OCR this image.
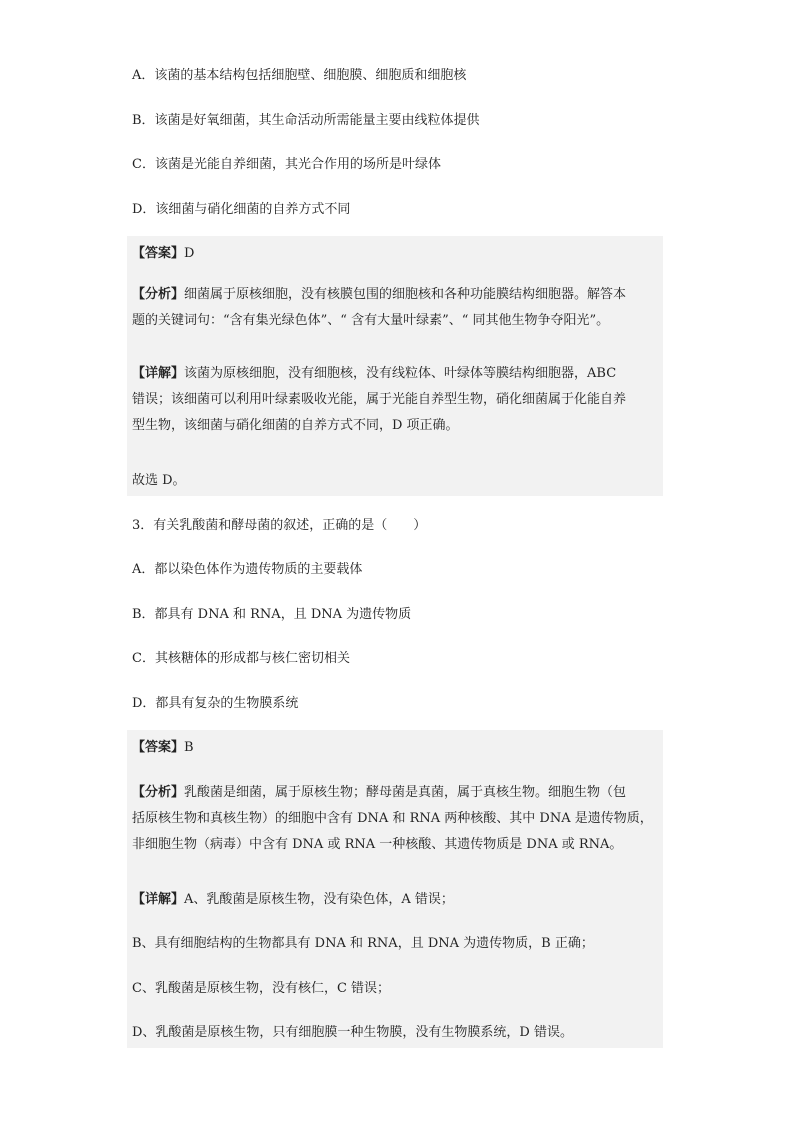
A．该菌的基本结构包括细胞壁、细胞膜、细胞质和细胞核
B．该菌是好氧细菌，其生命活动所需能量主要由线粒体提供
C．该菌是光能自养细菌，其光合作用的场所是叶绿体
D．该细菌与硝化细菌的自养方式不同
【答案】D
【分析】细菌属于原核细胞，没有核膜包围的细胞核和各种功能膜结构细胞器。解答本
题的关键词句：“含有集光绿色体”、“ 含有大量叶绿素”、“ 同其他生物争夺阳光”。
【详解】该菌为原核细胞，没有细胞核，没有线粒体、叶绿体等膜结构细胞器，ABC
错误；该细菌可以利用叶绿素吸收光能，属于光能自养型生物，硝化细菌属于化能自养
型生物，该细菌与硝化细菌的自养方式不同，D 项正确。
故选 D。
3．有关乳酸菌和酵母菌的叙述，正确的是（　　）
A．都以染色体作为遗传物质的主要载体
B．都具有 DNA 和 RNA，且 DNA 为遗传物质
C．其核糖体的形成都与核仁密切相关
D．都具有复杂的生物膜系统
【答案】B
【分析】乳酸菌是细菌，属于原核生物；酵母菌是真菌，属于真核生物。细胞生物（包
括原核生物和真核生物）的细胞中含有 DNA 和 RNA 两种核酸、其中 DNA 是遗传物质，
非细胞生物（病毒）中含有 DNA 或 RNA 一种核酸、其遗传物质是 DNA 或 RNA。
【详解】A、乳酸菌是原核生物，没有染色体，A 错误；
B、具有细胞结构的生物都具有 DNA 和 RNA，且 DNA 为遗传物质，B 正确；
C、乳酸菌是原核生物，没有核仁，C 错误；
D、乳酸菌是原核生物，只有细胞膜一种生物膜，没有生物膜系统，D 错误。
